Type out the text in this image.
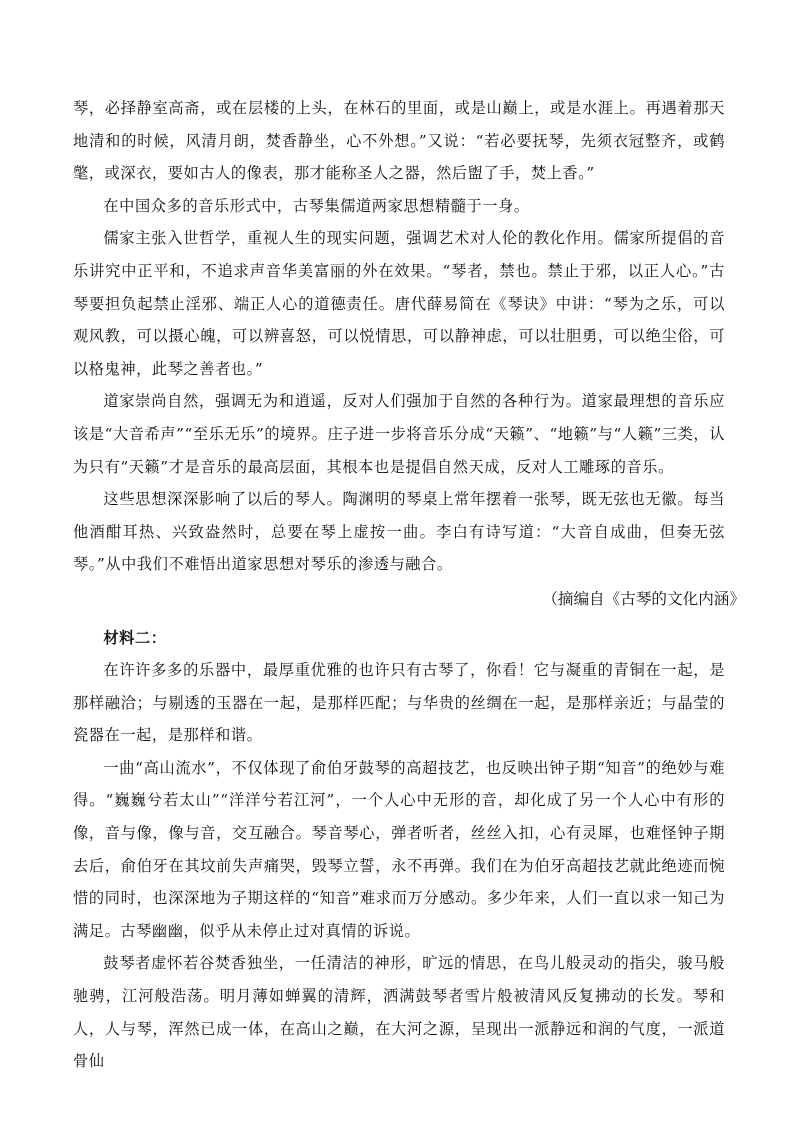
琴，必择静室高斋，或在层楼的上头，在林石的里面，或是山巅上，或是水涯上。再遇着那天地清和的时候，风清月朗，焚香静坐，心不外想。”又说：“若必要抚琴，先须衣冠整齐，或鹤氅，或深衣，要如古人的像表，那才能称圣人之器，然后盥了手，焚上香。”

在中国众多的音乐形式中，古琴集儒道两家思想精髓于一身。

儒家主张入世哲学，重视人生的现实问题，强调艺术对人伦的教化作用。儒家所提倡的音乐讲究中正平和，不追求声音华美富丽的外在效果。“琴者，禁也。禁止于邪，以正人心。”古琴要担负起禁止淫邪、端正人心的道德责任。唐代薛易简在《琴诀》中讲：“琴为之乐，可以观风教，可以摄心魄，可以辨喜怒，可以悦情思，可以静神虑，可以壮胆勇，可以绝尘俗，可以格鬼神，此琴之善者也。”

道家崇尚自然，强调无为和逍遥，反对人们强加于自然的各种行为。道家最理想的音乐应该是“大音希声”“至乐无乐”的境界。庄子进一步将音乐分成“天籁”、“地籁”与“人籁”三类，认为只有“天籁”才是音乐的最高层面，其根本也是提倡自然天成，反对人工雕琢的音乐。

这些思想深深影响了以后的琴人。陶渊明的琴桌上常年摆着一张琴，既无弦也无徽。每当他酒酣耳热、兴致盎然时，总要在琴上虚按一曲。李白有诗写道：“大音自成曲，但奏无弦琴。”从中我们不难悟出道家思想对琴乐的渗透与融合。

（摘编自《古琴的文化内涵》

材料二：

在许许多多的乐器中，最厚重优雅的也许只有古琴了，你看！它与凝重的青铜在一起，是那样融洽；与剔透的玉器在一起，是那样匹配；与华贵的丝绸在一起，是那样亲近；与晶莹的瓷器在一起，是那样和谐。

一曲“高山流水”，不仅体现了俞伯牙鼓琴的高超技艺，也反映出钟子期“知音”的绝妙与难得。“巍巍兮若太山”“洋洋兮若江河”，一个人心中无形的音，却化成了另一个人心中有形的像，音与像，像与音，交互融合。琴音琴心，弹者听者，丝丝入扣，心有灵犀，也难怪钟子期去后，俞伯牙在其坟前失声痛哭，毁琴立誓，永不再弹。我们在为伯牙高超技艺就此绝迹而惋惜的同时，也深深地为子期这样的“知音”难求而万分感动。多少年来，人们一直以求一知己为满足。古琴幽幽，似乎从未停止过对真情的诉说。

鼓琴者虚怀若谷焚香独坐，一任清洁的神形，旷远的情思，在鸟儿般灵动的指尖，骏马般驰骋，江河般浩荡。明月薄如蝉翼的清辉，洒满鼓琴者雪片般被清风反复拂动的长发。琴和人，人与琴，浑然已成一体，在高山之巅，在大河之源，呈现出一派静远和润的气度，一派道骨仙
